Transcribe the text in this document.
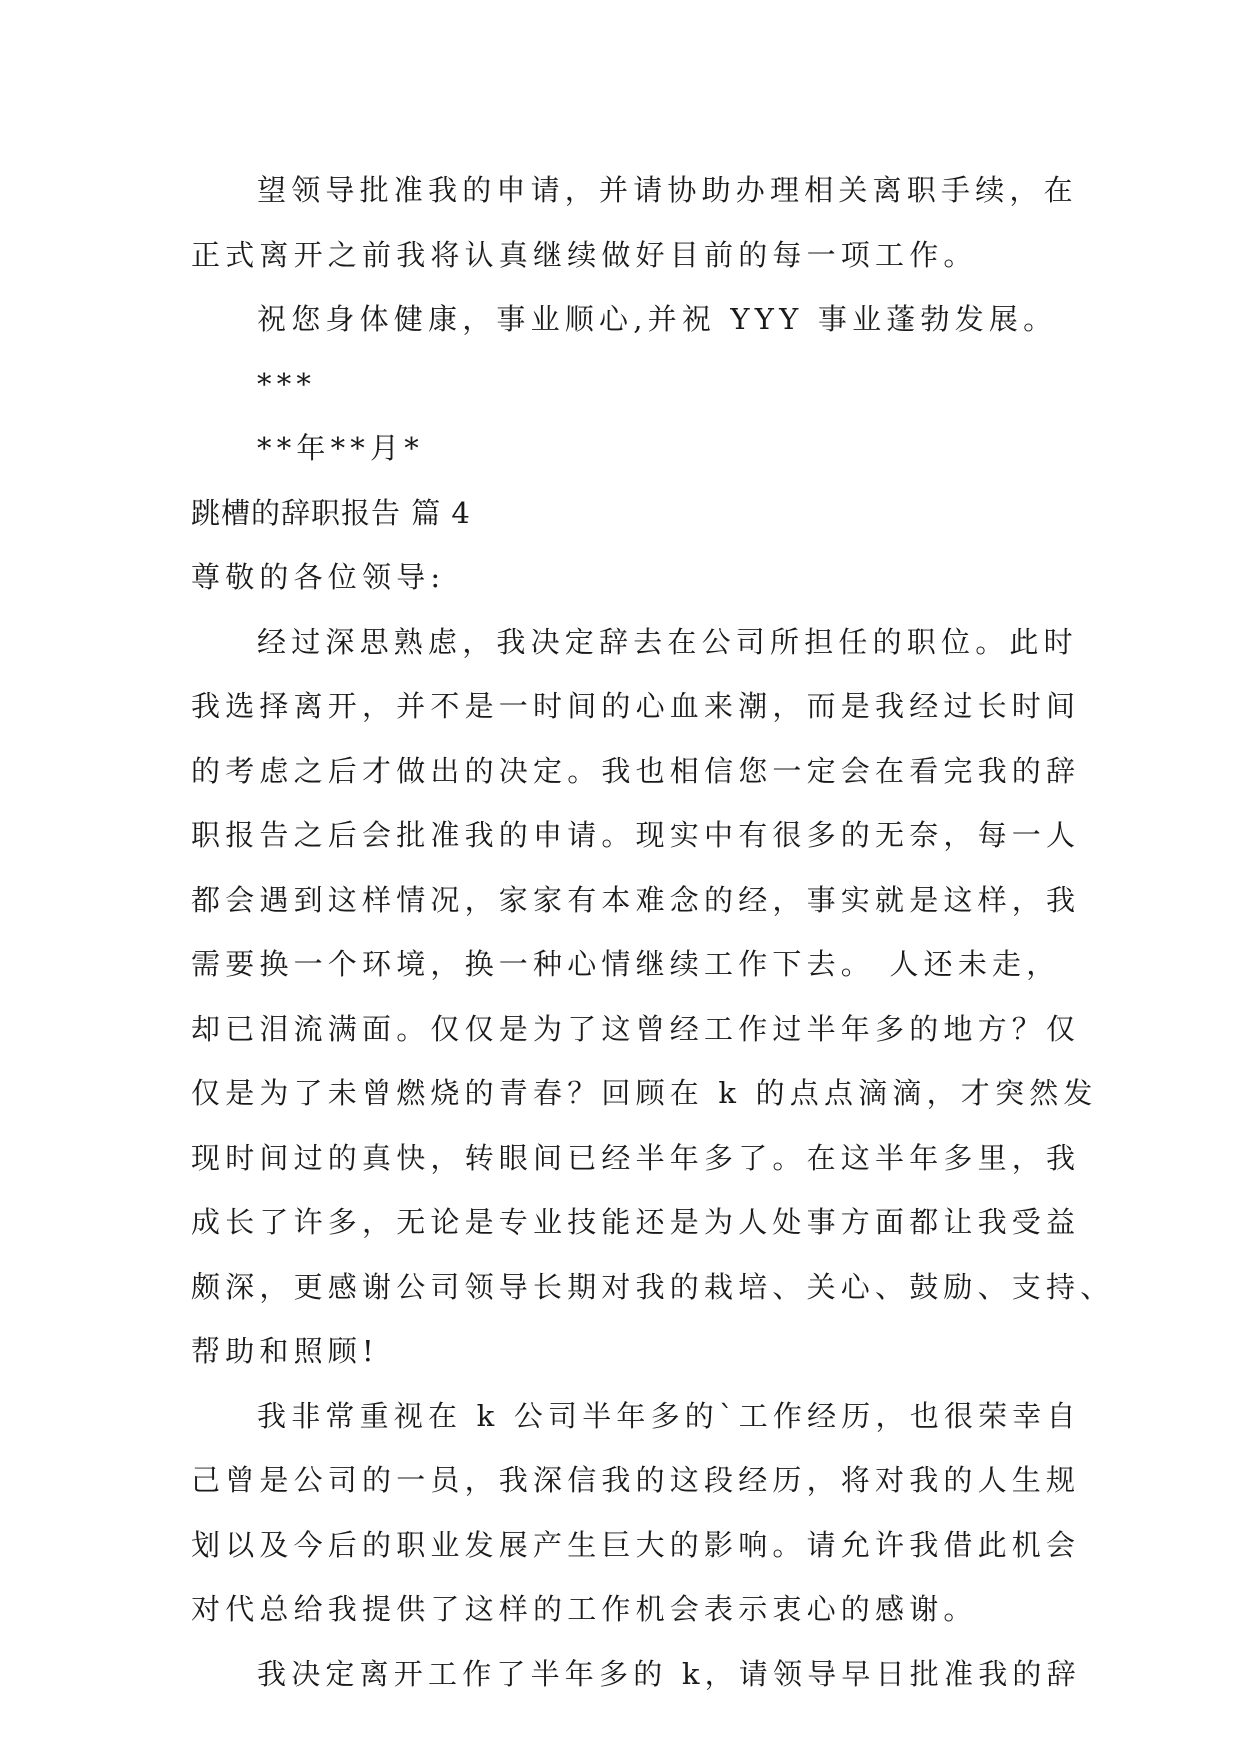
望领导批准我的申请，并请协助办理相关离职手续，在
正式离开之前我将认真继续做好目前的每一项工作。
祝您身体健康，事业顺心,并祝 YYY 事业蓬勃发展。
***
**年**月*
跳槽的辞职报告 篇 4
尊敬的各位领导:
经过深思熟虑，我决定辞去在公司所担任的职位。此时
我选择离开，并不是一时间的心血来潮，而是我经过长时间
的考虑之后才做出的决定。我也相信您一定会在看完我的辞
职报告之后会批准我的申请。现实中有很多的无奈，每一人
都会遇到这样情况，家家有本难念的经，事实就是这样，我
需要换一个环境，换一种心情继续工作下去。 人还未走，
却已泪流满面。仅仅是为了这曾经工作过半年多的地方？仅
仅是为了未曾燃烧的青春？回顾在 k 的点点滴滴，才突然发
现时间过的真快，转眼间已经半年多了。在这半年多里，我
成长了许多，无论是专业技能还是为人处事方面都让我受益
颇深，更感谢公司领导长期对我的栽培、关心、鼓励、支持、
帮助和照顾!
我非常重视在 k 公司半年多的`工作经历，也很荣幸自
己曾是公司的一员，我深信我的这段经历，将对我的人生规
划以及今后的职业发展产生巨大的影响。请允许我借此机会
对代总给我提供了这样的工作机会表示衷心的感谢。
我决定离开工作了半年多的 k，请领导早日批准我的辞
